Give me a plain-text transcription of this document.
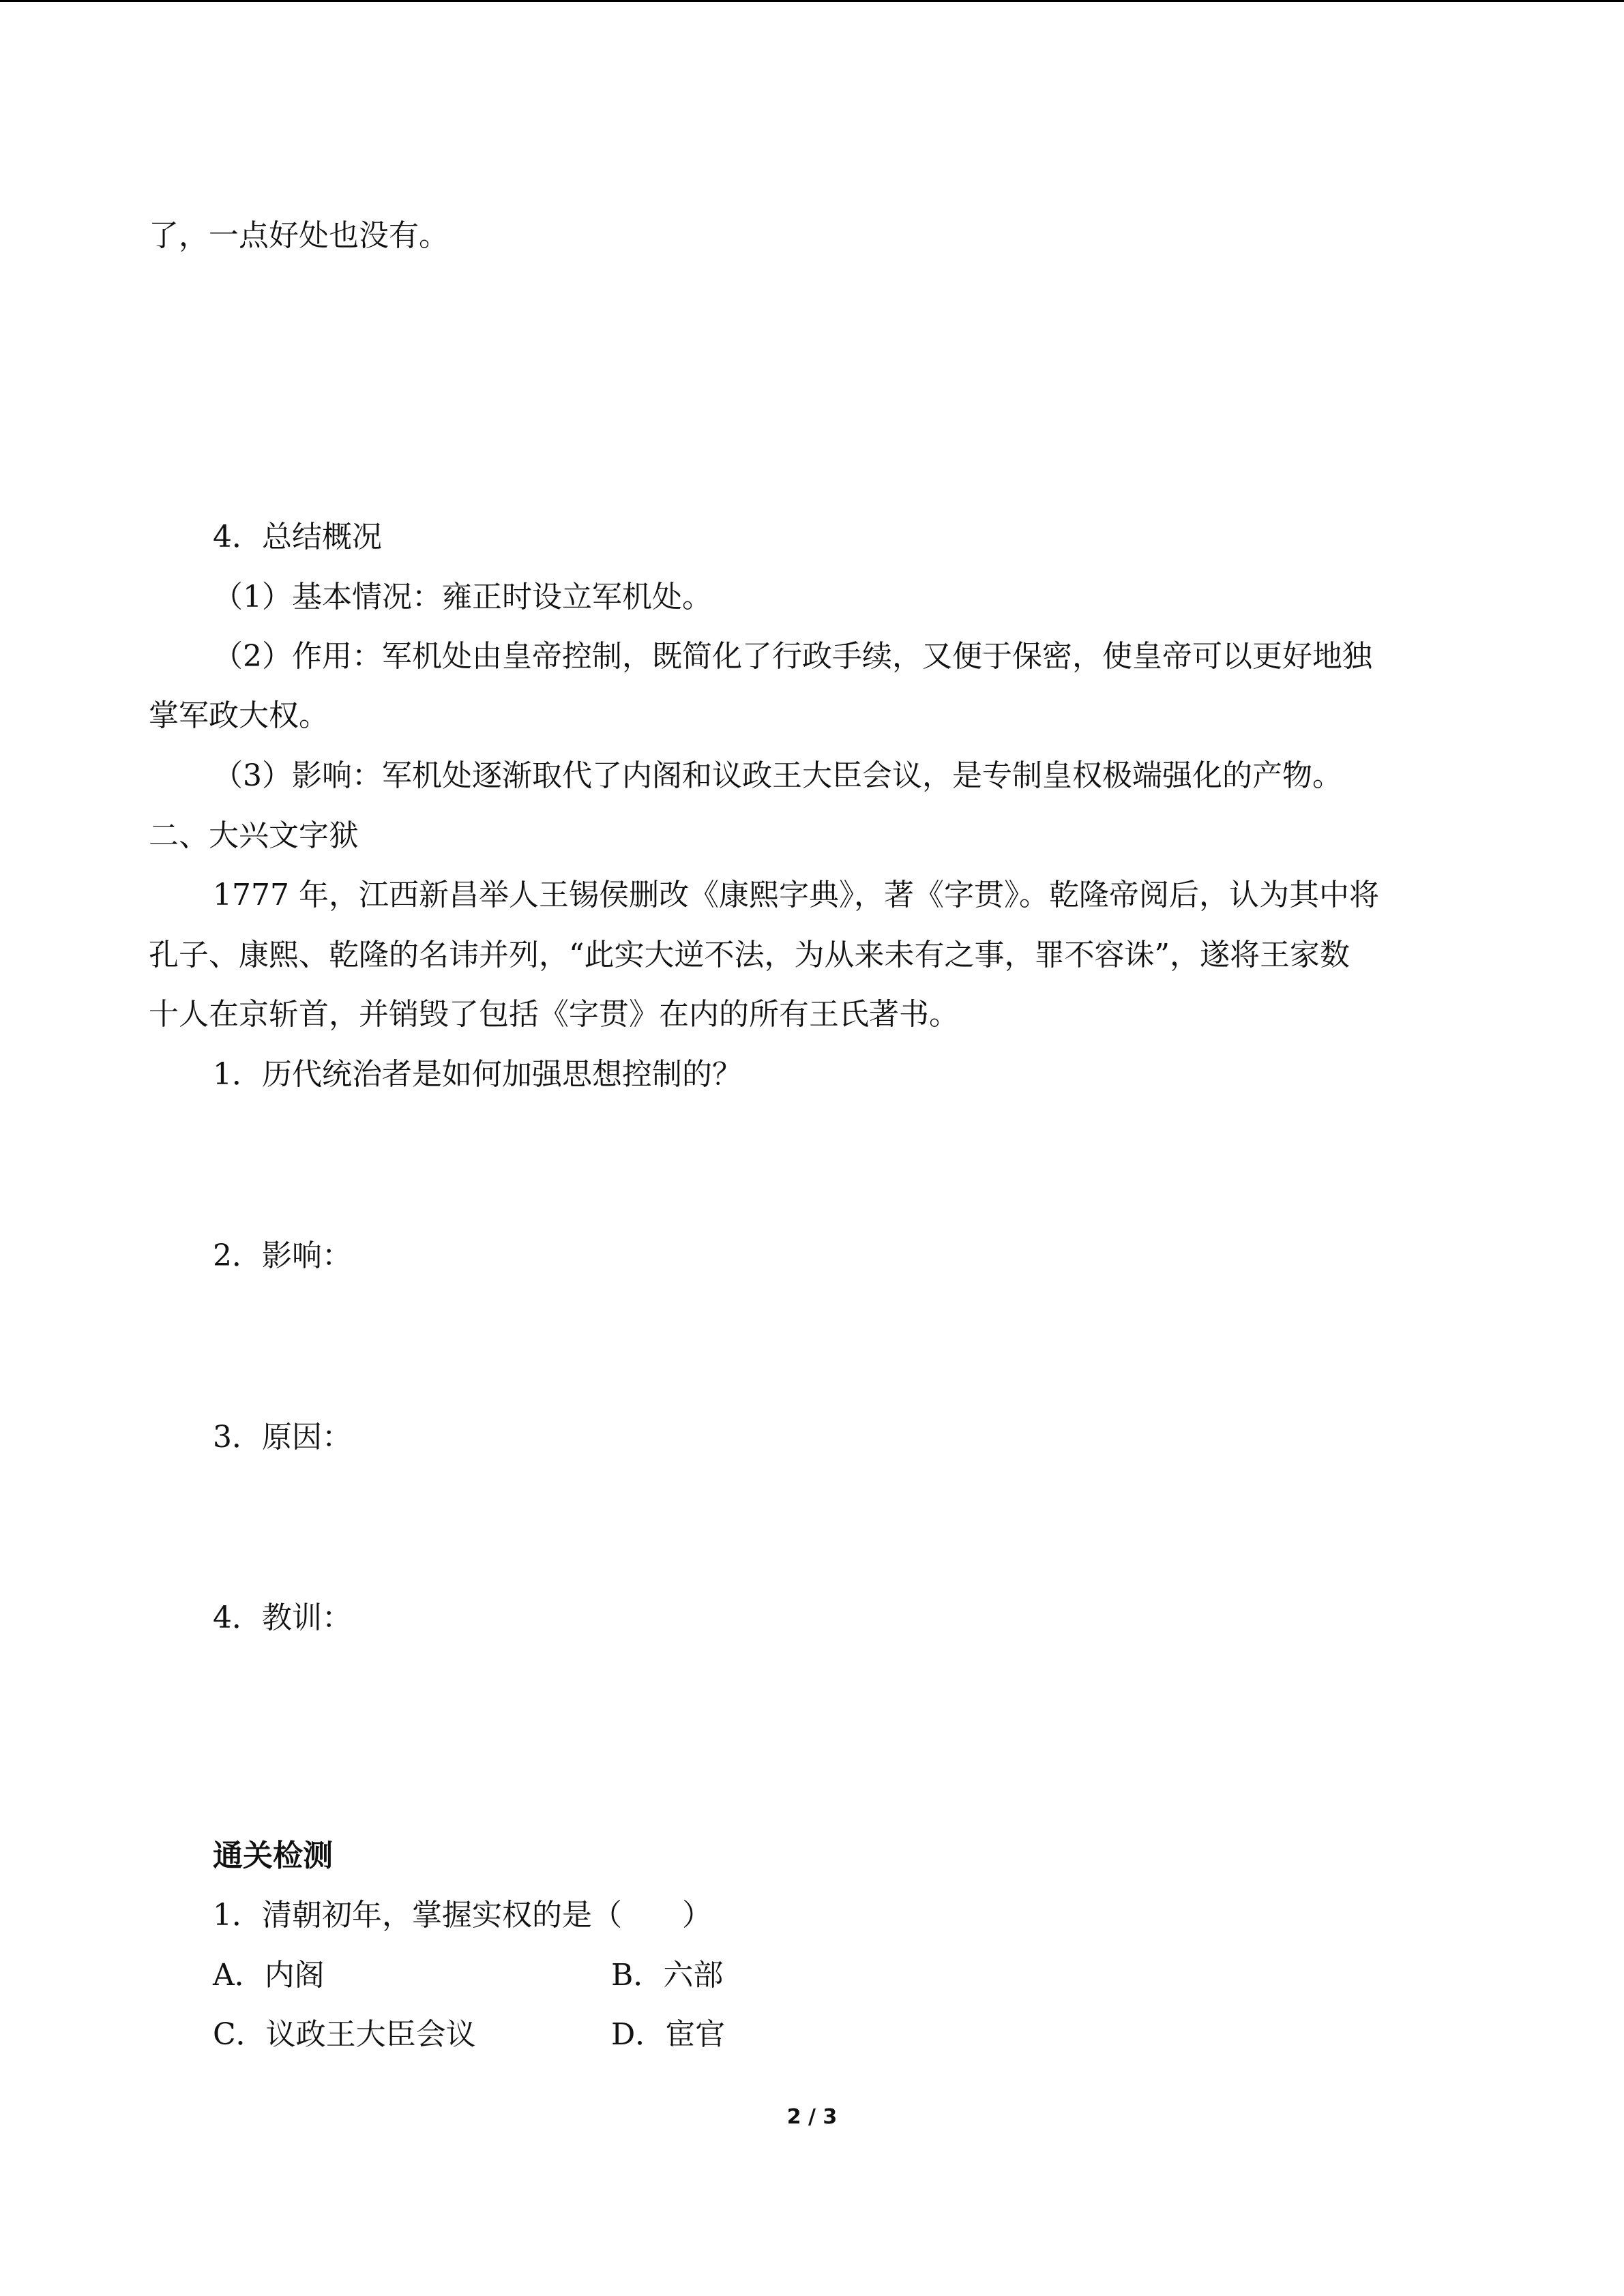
了，一点好处也没有。
4．总结概况
（1）基本情况：雍正时设立军机处。
（2）作用：军机处由皇帝控制，既简化了行政手续，又便于保密，使皇帝可以更好地独
掌军政大权。
（3）影响：军机处逐渐取代了内阁和议政王大臣会议，是专制皇权极端强化的产物。
二、大兴文字狱
1777 年，江西新昌举人王锡侯删改《康熙字典》，著《字贯》。乾隆帝阅后，认为其中将
孔子、康熙、乾隆的名讳并列，“此实大逆不法，为从来未有之事，罪不容诛”，遂将王家数
十人在京斩首，并销毁了包括《字贯》在内的所有王氏著书。
1．历代统治者是如何加强思想控制的？
2．影响：
3．原因：
4．教训：
通关检测
1．清朝初年，掌握实权的是（　　）
A．内阁	B．六部
C．议政王大臣会议	D．宦官
2 / 3
